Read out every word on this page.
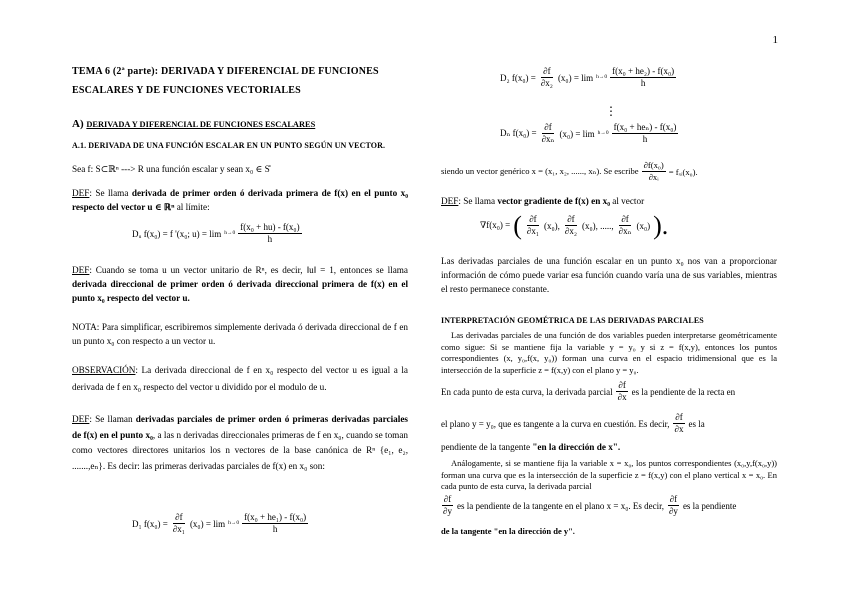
1
TEMA 6 (2ª parte): DERIVADA Y DIFERENCIAL DE FUNCIONES
ESCALARES Y DE FUNCIONES VECTORIALES
A) DERIVADA Y DIFERENCIAL DE FUNCIONES ESCALARES
A.1. DERIVADA DE UNA FUNCIÓN ESCALAR EN UN PUNTO SEGÚN UN VECTOR.
Sea f: S⊂ℝⁿ ---> R una función escalar y sean x₀ ∈ S̊
DEF: Se llama derivada de primer orden ó derivada primera de f(x) en el punto x₀ respecto del vector u ∈ ℝⁿ al límite:
Dᵤ f(x₀) = f '(x₀; $u) = \lim h\to 0 \frac{\text{f(x₀ + hu) - f(x₀)}}{h}$
DEF: Cuando se toma u un vector unitario de Rⁿ, es decir, ‖u‖ = 1, entonces se llama derivada direccional de primer orden ó derivada direccional primera de f(x) en el punto x₀ respecto del vector u.
NOTA: Para simplificar, escribiremos simplemente derivada ó derivada direccional de f en un punto x₀ con respecto a un vector u.
OBSERVACIÓN: La derivada direccional de f en x₀ respecto del vector u es igual a la derivada de f en x₀ respecto del vector u dividido por el modulo de u.
DEF: Se llaman derivadas parciales de primer orden ó primeras derivadas parciales de f(x) en el punto x₀, a las n derivadas direccionales primeras de f en x₀, cuando se toman como vectores directores unitarios los n vectores de la base canónica de Rⁿ {e₁, e₂, .......,eₙ}. Es decir: las primeras derivadas parciales de f(x) en x₀ son:
D₁ $f(x_0) = \frac{\partial f}{\text{∂x₁}} (x_0) = \lim h\to 0 \frac{\text{f(x₀ + he₁) - f(x₀)}}{h}$
D₂ $f(x_0) = \frac{\partial f}{\text{∂x₂}} (x_0) = \lim h\to 0 \frac{\text{f(x₀ + he₂) - f(x₀)}}{h}$
⋮
Dₙ $f(x_0) = \frac{\partial f}{\text{∂xₙ}} (x_0) = \lim h\to 0 \frac{\text{f(x₀ + heₙ) - f(x₀)}}{h}$
siendo un vector genérico x = (x₁, x₂, ......, xₙ). Se escribe $\frac{\text{∂f(x₀)}}{\text{∂xᵢ}}$ = fₓᵢ(x₀).
DEF: Se llama vector gradiente de f(x) en x₀ al vector
∇f(x₀) = ( $\frac{\partial f}{\text{∂x₁}} (x_0)$, $\frac{\partial f}{\text{∂x₂}} (x_0)$, ....., $\frac{\partial f}{\text{∂xₙ}} (x_0)$ ).
Las derivadas parciales de una función escalar en un punto x₀ nos van a proporcionar información de cómo puede variar esa función cuando varía una de sus variables, mientras el resto permanece constante.
INTERPRETACIÓN GEOMÉTRICA DE LAS DERIVADAS PARCIALES
Las derivadas parciales de una función de dos variables pueden interpretarse geométricamente como sigue: Si se mantiene fija la variable y = y₀ y si z = f(x,y), entonces los puntos correspondientes (x, y₀,f(x, y₀)) forman una curva en el espacio tridimensional que es la intersección de la superficie z = f(x,y) con el plano y = y₀.
En cada punto de esta curva, la derivada parcial $\frac{\partial f}{\partial x}$ es la pendiente de la recta en
el plano y = y₀, que es tangente a la curva en cuestión. Es decir, $\frac{\partial f}{\partial x}$ es la
pendiente de la tangente "en la dirección de x".
Análogamente, si se mantiene fija la variable x = x₀, los puntos correspondientes (x₀,y,f(x₀,y)) forman una curva que es la intersección de la superficie z = f(x,y) con el plano vertical x = x₀. En cada punto de esta curva, la derivada parcial
$\frac{\partial f}{\partial y}$ es la pendiente de la tangente en el plano x = x₀. Es decir, $\frac{\partial f}{\partial y}$ es la pendiente
de la tangente "en la dirección de y".
